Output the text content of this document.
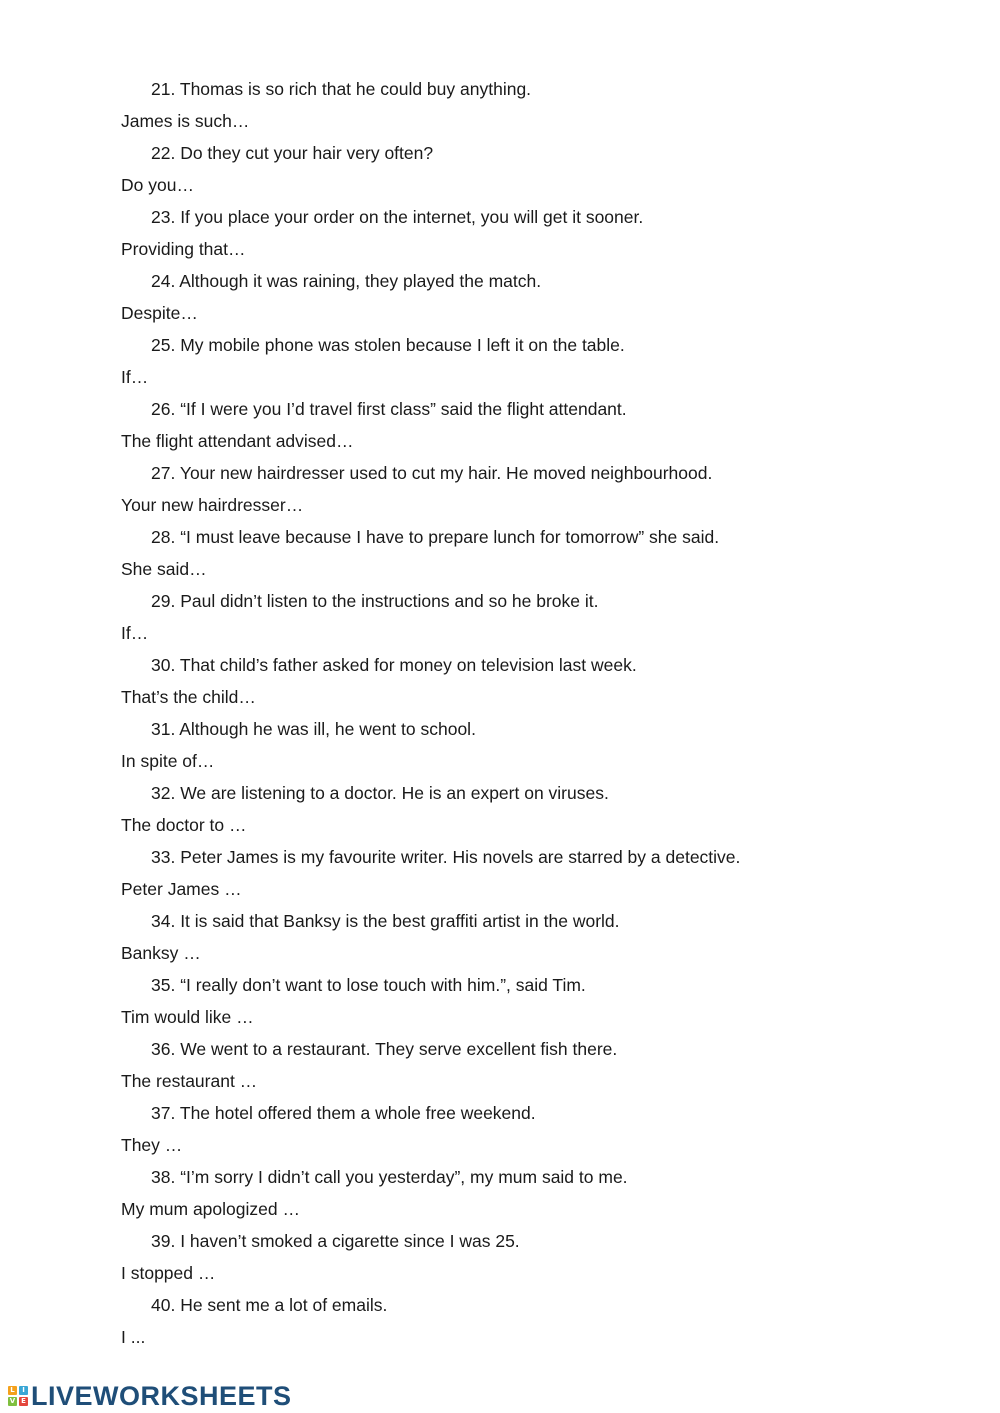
21. Thomas is so rich that he could buy anything.
James is such…
22. Do they cut your hair very often?
Do you…
23. If you place your order on the internet, you will get it sooner.
Providing that…
24. Although it was raining, they played the match.
Despite…
25. My mobile phone was stolen because I left it on the table.
If…
26. “If I were you I’d travel first class” said the flight attendant.
The flight attendant advised…
27. Your new hairdresser used to cut my hair. He moved neighbourhood.
Your new hairdresser…
28. “I must leave because I have to prepare lunch for tomorrow” she said.
She said…
29. Paul didn’t listen to the instructions and so he broke it.
If…
30. That child’s father asked for money on television last week.
That’s the child…
31. Although he was ill, he went to school.
In spite of…
32. We are listening to a doctor. He is an expert on viruses.
The doctor to …
33. Peter James is my favourite writer. His novels are starred by a detective.
Peter James …
34. It is said that Banksy is the best graffiti artist in the world.
Banksy …
35. “I really don’t want to lose touch with him.”, said Tim.
Tim would like …
36. We went to a restaurant. They serve excellent fish there.
The restaurant …
37. The hotel offered them a whole free weekend.
They …
38. “I’m sorry I didn’t call you yesterday”, my mum said to me.
My mum apologized …
39. I haven’t smoked a cigarette since I was 25.
I stopped …
40. He sent me a lot of emails.
I ...
L	I
V E LIVEWORKSHEETS
